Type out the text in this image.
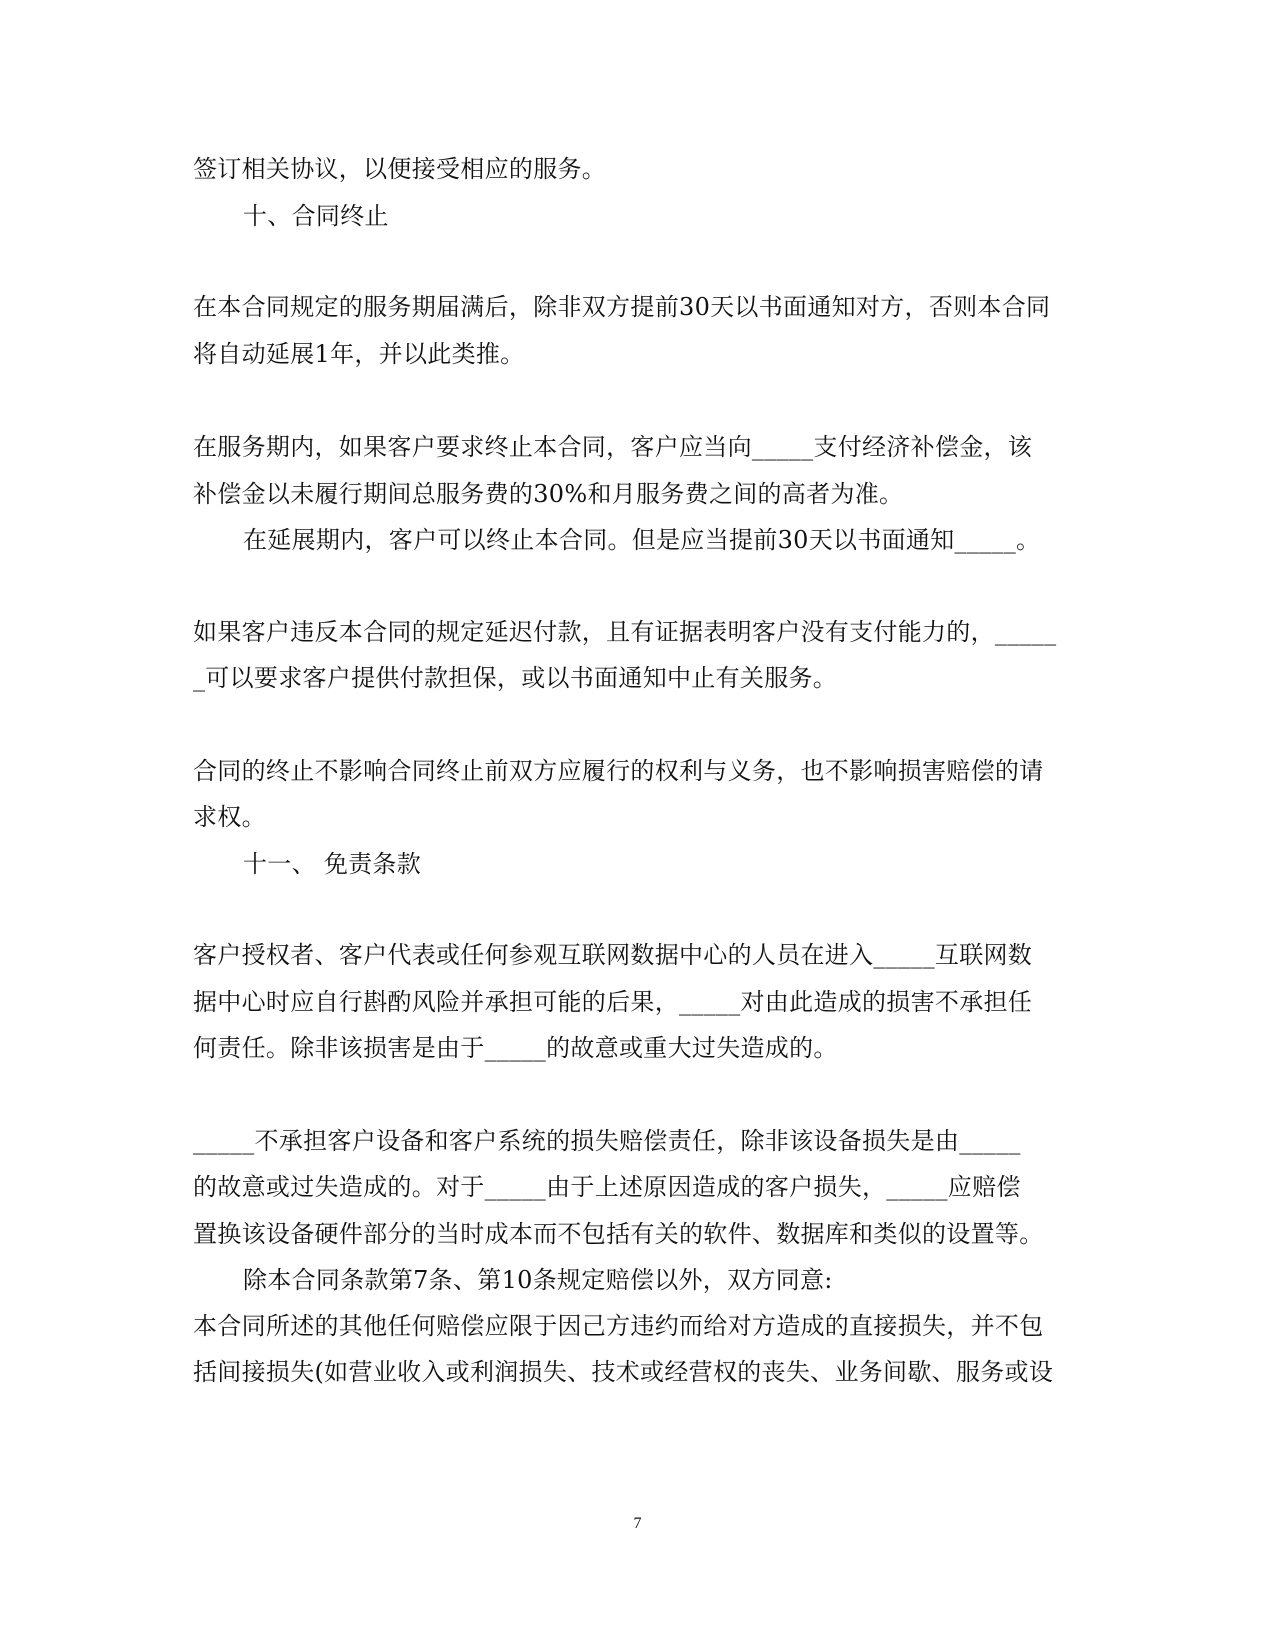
签订相关协议，以便接受相应的服务。
十、合同终止
在本合同规定的服务期届满后，除非双方提前30天以书面通知对方，否则本合同
将自动延展1年，并以此类推。
在服务期内，如果客户要求终止本合同，客户应当向_____支付经济补偿金，该
补偿金以未履行期间总服务费的30%和月服务费之间的高者为准。
在延展期内，客户可以终止本合同。但是应当提前30天以书面通知_____。
如果客户违反本合同的规定延迟付款，且有证据表明客户没有支付能力的，_____
_可以要求客户提供付款担保，或以书面通知中止有关服务。
合同的终止不影响合同终止前双方应履行的权利与义务，也不影响损害赔偿的请
求权。
十一、 免责条款
客户授权者、客户代表或任何参观互联网数据中心的人员在进入_____互联网数
据中心时应自行斟酌风险并承担可能的后果，_____对由此造成的损害不承担任
何责任。除非该损害是由于_____的故意或重大过失造成的。
_____不承担客户设备和客户系统的损失赔偿责任，除非该设备损失是由_____
的故意或过失造成的。对于_____由于上述原因造成的客户损失，_____应赔偿
置换该设备硬件部分的当时成本而不包括有关的软件、数据库和类似的设置等。
除本合同条款第7条、第10条规定赔偿以外，双方同意:
本合同所述的其他任何赔偿应限于因己方违约而给对方造成的直接损失，并不包
括间接损失(如营业收入或利润损失、技术或经营权的丧失、业务间歇、服务或设
7
